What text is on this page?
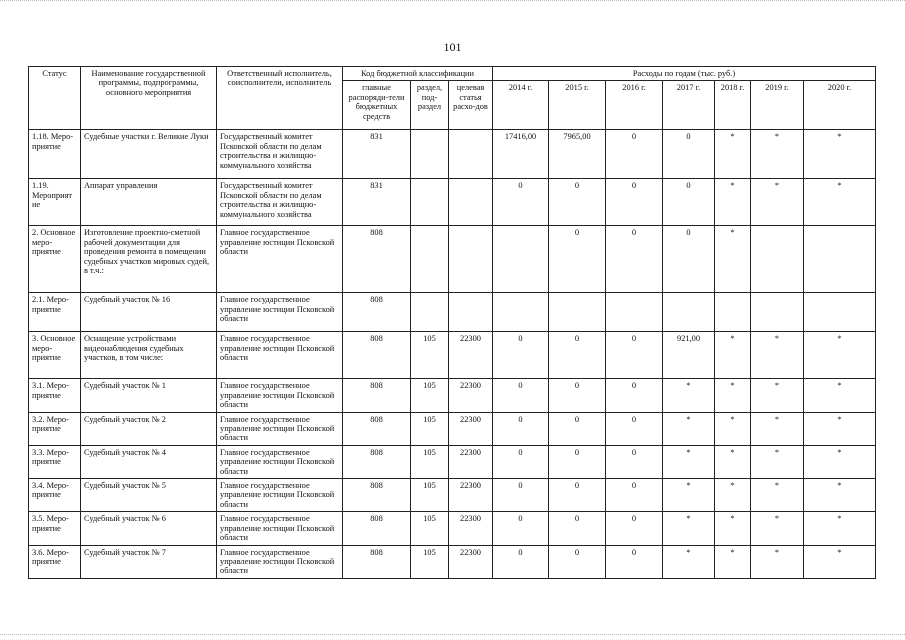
101
Статус	Наименование государственной программы, подпрограммы, основного мероприятия	Ответственный исполнитель, соисполнители, исполнитель	Код бюджетной классификации			Расходы по годам (тыс. руб.)						
			главные распоряди-тели бюджетных средств	раздел, под-раздел	целевая статья расхо-дов	2014 г.	2015 г.	2016 г.	2017 г.	2018 г.	2019 г.	2020 г.
1.18. Меро-приятие	Судебные участки г. Великие Луки	Государственный комитет Псковской области по делам строительства и жилищно-коммунального хозяйства	831			17416,00	7965,00	0	0	*	*	*
1.19. Мероприят ие	Аппарат управления	Государственный комитет Псковской области по делам строительства и жилищно-коммунального хозяйства	831			0	0	0	0	*	*	*
2. Основное меро-приятие	Изготовление проектно-сметной рабочей документации для проведения ремонта в помещении судебных участков мировых судей, в т.ч.:	Главное государственное управление юстиции Псковской области	808				0	0	0	*		
2.1. Меро-приятие	Судебный участок № 16	Главное государственное управление юстиции Псковской области	808									
3. Основное меро-приятие	Оснащение устройствами видеонаблюдения судебных участков, в том числе:	Главное государственное управление юстиции Псковской области	808	105	22300	0	0	0	921,00	*	*	*
3.1. Меро-приятие	Судебный участок № 1	Главное государственное управление юстиции Псковской области	808	105	22300	0	0	0	*	*	*	*
3.2. Меро-приятие	Судебный участок № 2	Главное государственное управление юстиции Псковской области	808	105	22300	0	0	0	*	*	*	*
3.3. Меро-приятие	Судебный участок № 4	Главное государственное управление юстиции Псковской области	808	105	22300	0	0	0	*	*	*	*
3.4. Меро-приятие	Судебный участок № 5	Главное государственное управление юстиции Псковской области	808	105	22300	0	0	0	*	*	*	*
3.5. Меро-приятие	Судебный участок № 6	Главное государственное управление юстиции Псковской области	808	105	22300	0	0	0	*	*	*	*
3.6. Меро-приятие	Судебный участок № 7	Главное государственное управление юстиции Псковской области	808	105	22300	0	0	0	*	*	*	*
